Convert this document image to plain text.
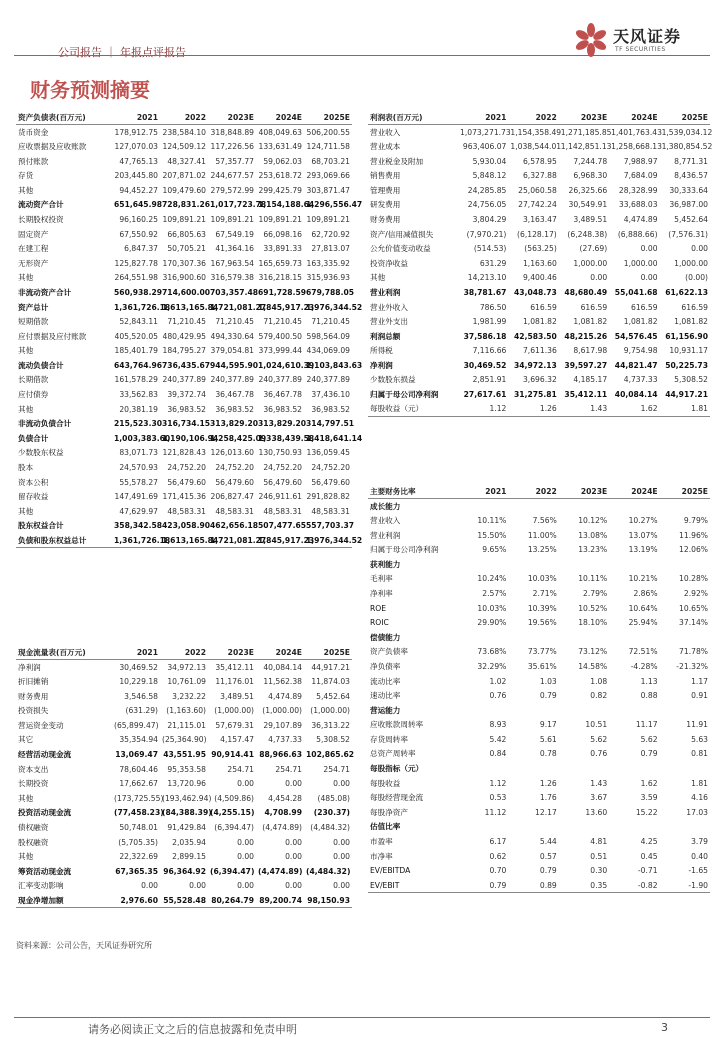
公司报告 ｜ 年报点评报告
天风证券
TF SECURITIES
财务预测摘要
资产负债表(百万元)	2021	2022	2023E	2024E	2025E
货币资金	178,912.75	238,584.10	318,848.89	408,049.63	506,200.55
应收票据及应收账款	127,070.03	124,509.12	117,226.56	133,631.49	124,711.58
预付账款	47,765.13	48,327.41	57,357.77	59,062.03	68,703.21
存货	203,445.80	207,871.02	244,677.57	253,618.72	293,069.66
其他	94,452.27	109,479.60	279,572.99	299,425.79	303,871.47
流动资产合计	651,645.98	728,831.26	1,017,723.78	1,154,188.64	1,296,556.47
长期股权投资	96,160.25	109,891.21	109,891.21	109,891.21	109,891.21
固定资产	67,550.92	66,805.63	67,549.19	66,098.16	62,720.92
在建工程	6,847.37	50,705.21	41,364.16	33,891.33	27,813.07
无形资产	125,827.78	170,307.36	167,963.54	165,659.73	163,335.92
其他	264,551.98	316,900.60	316,579.38	316,218.15	315,936.93
非流动资产合计	560,938.29	714,600.00	703,357.48	691,728.59	679,788.05
资产总计	1,361,726.18	1,613,165.84	1,721,081.27	1,845,917.23	1,976,344.52
短期借款	52,843.11	71,210.45	71,210.45	71,210.45	71,210.45
应付票据及应付账款	405,520.05	480,429.95	494,330.64	579,400.50	598,564.09
其他	185,401.79	184,795.27	379,054.81	373,999.44	434,069.09
流动负债合计	643,764.96	736,435.67	944,595.90	1,024,610.39	1,103,843.63
长期借款	161,578.29	240,377.89	240,377.89	240,377.89	240,377.89
应付债券	33,562.83	39,372.74	36,467.78	36,467.78	37,436.10
其他	20,381.19	36,983.52	36,983.52	36,983.52	36,983.52
非流动负债合计	215,523.30	316,734.15	313,829.20	313,829.20	314,797.51
负债合计	1,003,383.60	1,190,106.94	1,258,425.09	1,338,439.58	1,418,641.14
少数股东权益	83,071.73	121,828.43	126,013.60	130,750.93	136,059.45
股本	24,570.93	24,752.20	24,752.20	24,752.20	24,752.20
资本公积	55,578.27	56,479.60	56,479.60	56,479.60	56,479.60
留存收益	147,491.69	171,415.36	206,827.47	246,911.61	291,828.82
其他	47,629.97	48,583.31	48,583.31	48,583.31	48,583.31
股东权益合计	358,342.58	423,058.90	462,656.18	507,477.65	557,703.37
负债和股东权益总计	1,361,726.18	1,613,165.84	1,721,081.27	1,845,917.23	1,976,344.52
利润表(百万元)	2021	2022	2023E	2024E	2025E
营业收入	1,073,271.73	1,154,358.49	1,271,185.85	1,401,763.43	1,539,034.12
营业成本	963,406.07	1,038,544.01	1,142,851.13	1,258,668.13	1,380,854.52
营业税金及附加	5,930.04	6,578.95	7,244.78	7,988.97	8,771.31
销售费用	5,848.12	6,327.88	6,968.30	7,684.09	8,436.57
管理费用	24,285.85	25,060.58	26,325.66	28,328.99	30,333.64
研发费用	24,756.05	27,742.24	30,549.91	33,688.03	36,987.00
财务费用	3,804.29	3,163.47	3,489.51	4,474.89	5,452.64
资产/信用减值损失	(7,970.21)	(6,128.17)	(6,248.38)	(6,888.66)	(7,576.31)
公允价值变动收益	(514.53)	(563.25)	(27.69)	0.00	0.00
投资净收益	631.29	1,163.60	1,000.00	1,000.00	1,000.00
其他	14,213.10	9,400.46	0.00	0.00	(0.00)
营业利润	38,781.67	43,048.73	48,680.49	55,041.68	61,622.13
营业外收入	786.50	616.59	616.59	616.59	616.59
营业外支出	1,981.99	1,081.82	1,081.82	1,081.82	1,081.82
利润总额	37,586.18	42,583.50	48,215.26	54,576.45	61,156.90
所得税	7,116.66	7,611.36	8,617.98	9,754.98	10,931.17
净利润	30,469.52	34,972.13	39,597.27	44,821.47	50,225.73
少数股东损益	2,851.91	3,696.32	4,185.17	4,737.33	5,308.52
归属于母公司净利润	27,617.61	31,275.81	35,412.11	40,084.14	44,917.21
每股收益（元）	1.12	1.26	1.43	1.62	1.81
主要财务比率	2021	2022	2023E	2024E	2025E
成长能力					
营业收入	10.11%	7.56%	10.12%	10.27%	9.79%
营业利润	15.50%	11.00%	13.08%	13.07%	11.96%
归属于母公司净利润	9.65%	13.25%	13.23%	13.19%	12.06%
获利能力					
毛利率	10.24%	10.03%	10.11%	10.21%	10.28%
净利率	2.57%	2.71%	2.79%	2.86%	2.92%
ROE	10.03%	10.39%	10.52%	10.64%	10.65%
ROIC	29.90%	19.56%	18.10%	25.94%	37.14%
偿债能力					
资产负债率	73.68%	73.77%	73.12%	72.51%	71.78%
净负债率	32.29%	35.61%	14.58%	-4.28%	-21.32%
流动比率	1.02	1.03	1.08	1.13	1.17
速动比率	0.76	0.79	0.82	0.88	0.91
营运能力					
应收账款周转率	8.93	9.17	10.51	11.17	11.91
存货周转率	5.42	5.61	5.62	5.62	5.63
总资产周转率	0.84	0.78	0.76	0.79	0.81
每股指标（元）					
每股收益	1.12	1.26	1.43	1.62	1.81
每股经营现金流	0.53	1.76	3.67	3.59	4.16
每股净资产	11.12	12.17	13.60	15.22	17.03
估值比率					
市盈率	6.17	5.44	4.81	4.25	3.79
市净率	0.62	0.57	0.51	0.45	0.40
EV/EBITDA	0.70	0.79	0.30	-0.71	-1.65
EV/EBIT	0.79	0.89	0.35	-0.82	-1.90
现金流量表(百万元)	2021	2022	2023E	2024E	2025E
净利润	30,469.52	34,972.13	35,412.11	40,084.14	44,917.21
折旧摊销	10,229.18	10,761.09	11,176.01	11,562.38	11,874.03
财务费用	3,546.58	3,232.22	3,489.51	4,474.89	5,452.64
投资损失	(631.29)	(1,163.60)	(1,000.00)	(1,000.00)	(1,000.00)
营运资金变动	(65,899.47)	21,115.01	57,679.31	29,107.89	36,313.22
其它	35,354.94	(25,364.90)	4,157.47	4,737.33	5,308.52
经营活动现金流	13,069.47	43,551.95	90,914.41	88,966.63	102,865.62
资本支出	78,604.46	95,353.58	254.71	254.71	254.71
长期投资	17,662.67	13,720.96	0.00	0.00	0.00
其他	(173,725.55)	(193,462.94)	(4,509.86)	4,454.28	(485.08)
投资活动现金流	(77,458.23)	(84,388.39)	(4,255.15)	4,708.99	(230.37)
债权融资	50,748.01	91,429.84	(6,394.47)	(4,474.89)	(4,484.32)
股权融资	(5,705.35)	2,035.94	0.00	0.00	0.00
其他	22,322.69	2,899.15	0.00	0.00	0.00
筹资活动现金流	67,365.35	96,364.92	(6,394.47)	(4,474.89)	(4,484.32)
汇率变动影响	0.00	0.00	0.00	0.00	0.00
现金净增加额	2,976.60	55,528.48	80,264.79	89,200.74	98,150.93
资料来源：公司公告，天风证券研究所
请务必阅读正文之后的信息披露和免责申明	3
